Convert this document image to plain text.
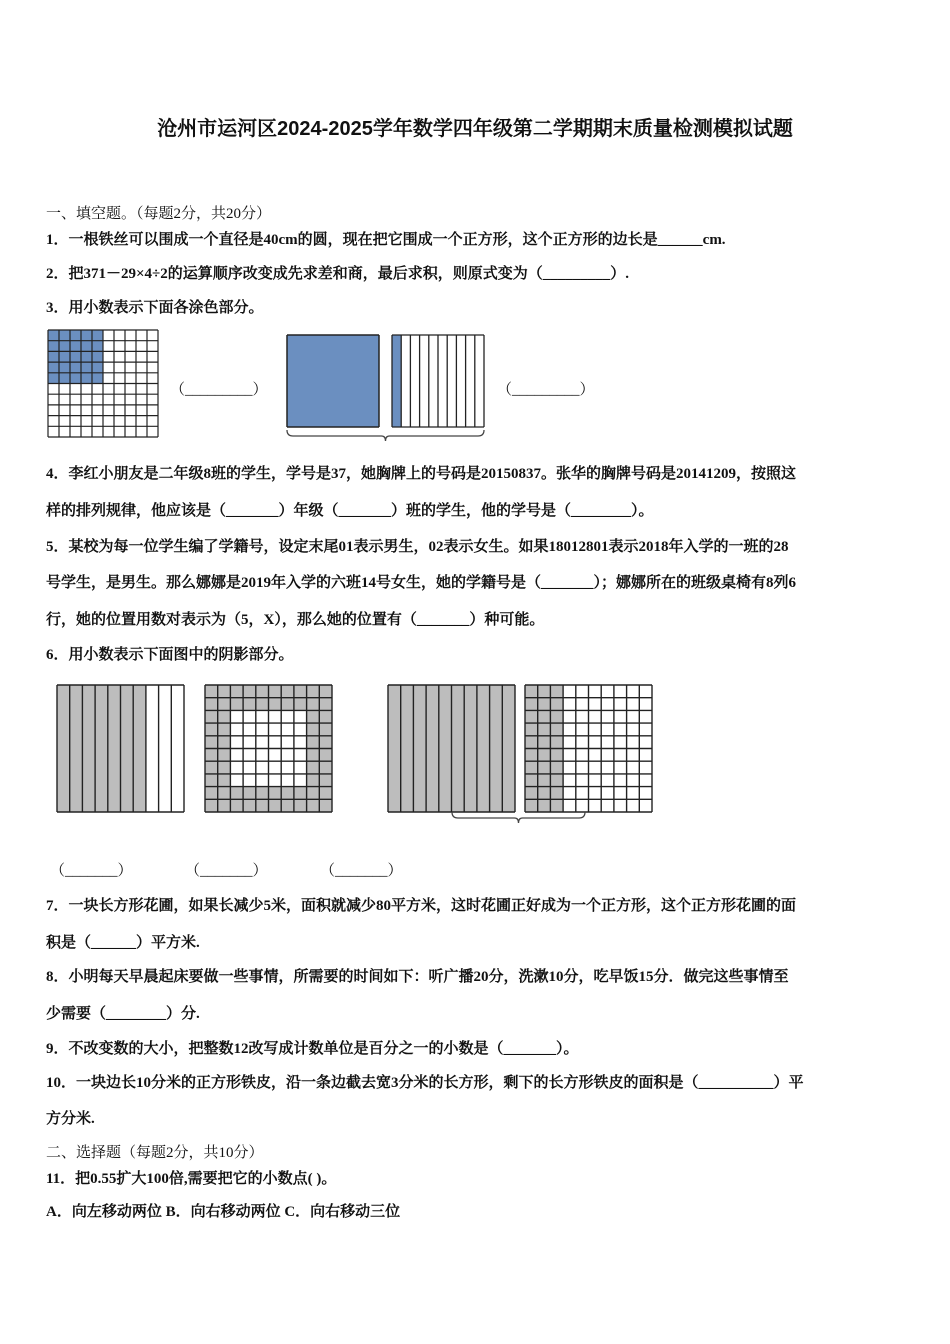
沧州市运河区2024-2025学年数学四年级第二学期期末质量检测模拟试题
一、填空题。（每题2分，共20分）
1．一根铁丝可以围成一个直径是40cm的圆，现在把它围成一个正方形，这个正方形的边长是______cm.
2．把371－29×4÷2的运算顺序改变成先求差和商，最后求积，则原式变为（_________）.
3．用小数表示下面各涂色部分。
（_________）	（_________）
4．李红小朋友是二年级8班的学生，学号是37，她胸牌上的号码是20150837。张华的胸牌号码是20141209，按照这
样的排列规律，他应该是（_______）年级（_______）班的学生，他的学号是（________）。
5．某校为每一位学生编了学籍号，设定末尾01表示男生，02表示女生。如果18012801表示2018年入学的一班的28
号学生，是男生。那么娜娜是2019年入学的六班14号女生，她的学籍号是（_______）；娜娜所在的班级桌椅有8列6
行，她的位置用数对表示为（5，X），那么她的位置有（_______）种可能。
6．用小数表示下面图中的阴影部分。
（_______）	（_______）	（_______）
7．一块长方形花圃，如果长减少5米，面积就减少80平方米，这时花圃正好成为一个正方形，这个正方形花圃的面
积是（______）平方米.
8．小明每天早晨起床要做一些事情，所需要的时间如下：听广播20分，洗漱10分，吃早饭15分．做完这些事情至
少需要（________）分.
9．不改变数的大小，把整数12改写成计数单位是百分之一的小数是（_______）。
10．一块边长10分米的正方形铁皮，沿一条边截去宽3分米的长方形，剩下的长方形铁皮的面积是（__________）平
方分米.
二、选择题（每题2分，共10分）
11．把0.55扩大100倍,需要把它的小数点( )。
A．向左移动两位 B．向右移动两位 C．向右移动三位
